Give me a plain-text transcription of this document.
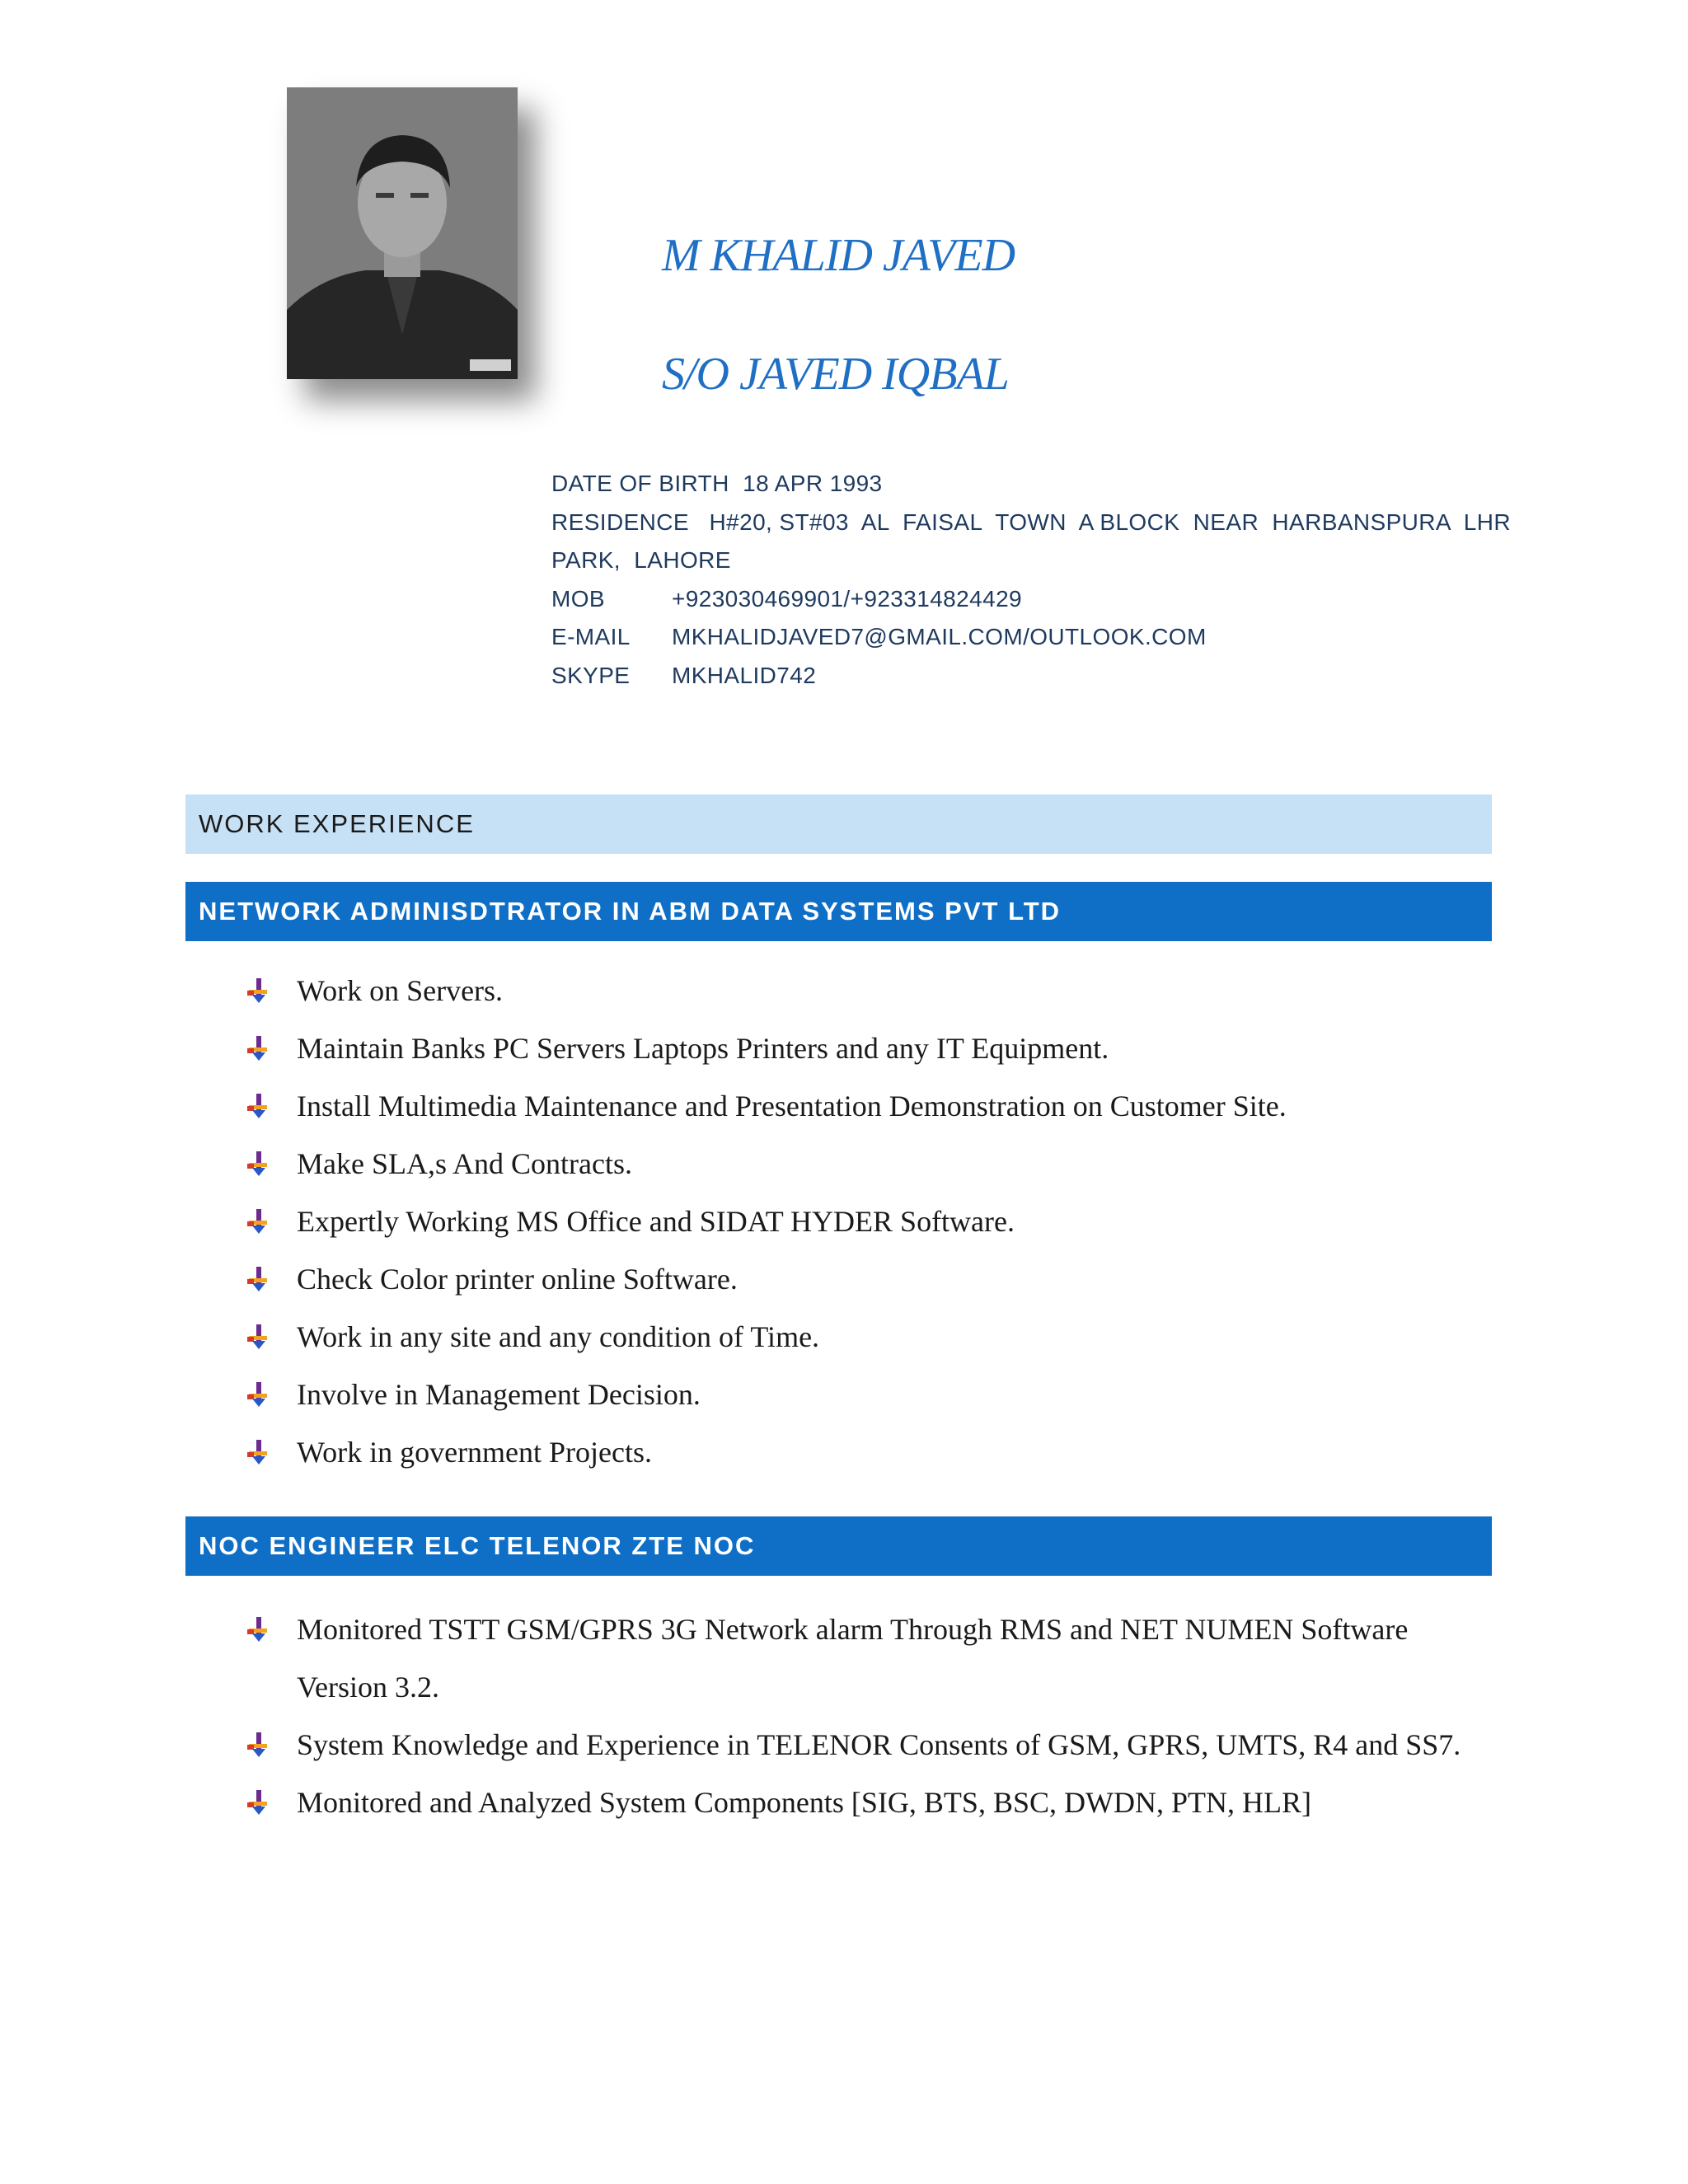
M KHALID JAVED
S/O JAVED IQBAL
DATE OF BIRTH 18 APR 1993
RESIDENCE H#20, ST#03  AL  FAISAL  TOWN  A BLOCK  NEAR  HARBANSPURA  LHR
PARK,  LAHORE
MOB	+923030469901/+923314824429
E-MAIL MKHALIDJAVED7@GMAIL.COM/OUTLOOK.COM
SKYPE MKHALID742
WORK EXPERIENCE
NETWORK ADMINISDTRATOR IN ABM DATA SYSTEMS PVT LTD
Work on Servers.
Maintain Banks PC Servers Laptops Printers and any IT Equipment.
Install Multimedia Maintenance and Presentation Demonstration on Customer Site.
Make SLA,s And Contracts.
Expertly Working MS Office and SIDAT HYDER Software.
Check Color printer online Software.
Work in any site and any condition of Time.
Involve in Management Decision.
Work in government Projects.
NOC ENGINEER ELC TELENOR ZTE NOC
Monitored TSTT GSM/GPRS 3G Network alarm Through RMS and NET NUMEN Software Version 3.2.
System Knowledge and Experience in TELENOR Consents of GSM, GPRS, UMTS, R4 and SS7.
Monitored and Analyzed System Components [SIG, BTS, BSC, DWDN, PTN, HLR]
